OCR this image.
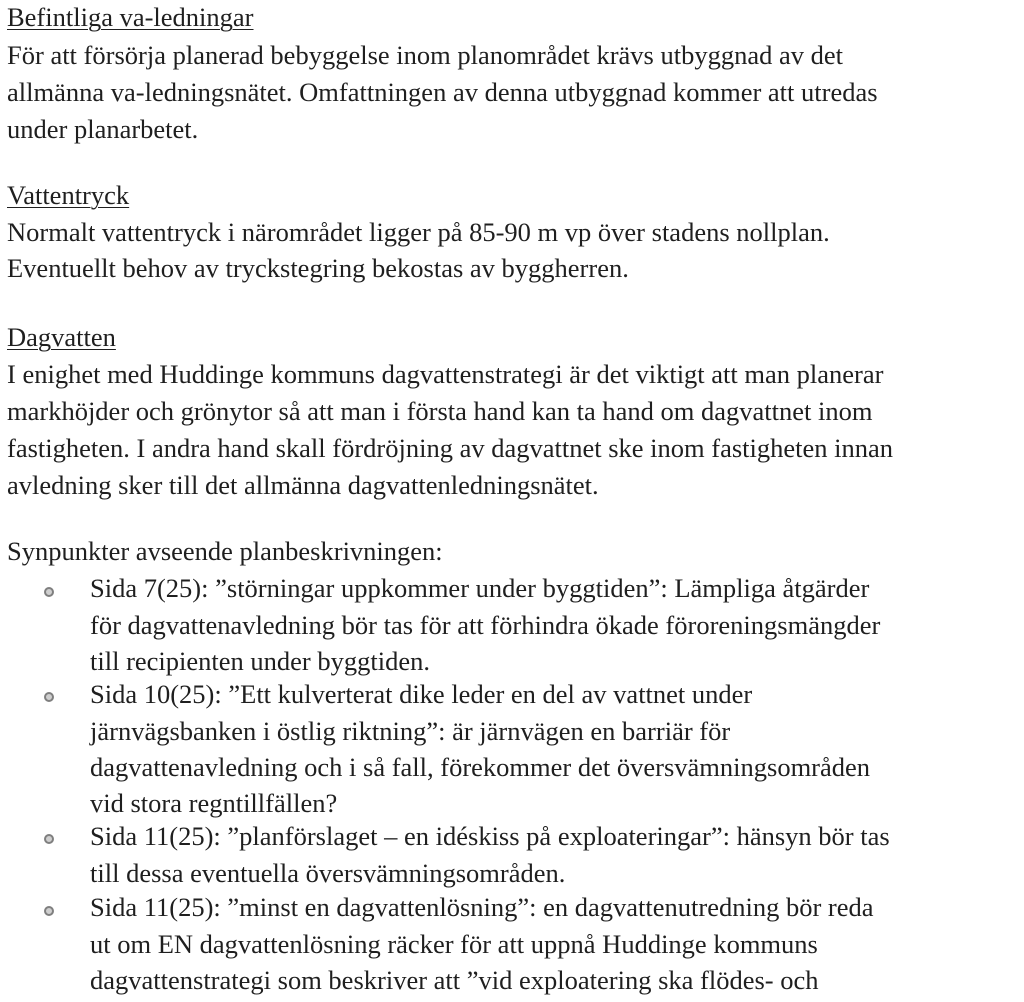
Befintliga va-ledningar
För att försörja planerad bebyggelse inom planområdet krävs utbyggnad av det
allmänna va-ledningsnätet. Omfattningen av denna utbyggnad kommer att utredas
under planarbetet.
Vattentryck
Normalt vattentryck i närområdet ligger på 85-90 m vp över stadens nollplan.
Eventuellt behov av tryckstegring bekostas av byggherren.
Dagvatten
I enighet med Huddinge kommuns dagvattenstrategi är det viktigt att man planerar
markhöjder och grönytor så att man i första hand kan ta hand om dagvattnet inom
fastigheten. I andra hand skall fördröjning av dagvattnet ske inom fastigheten innan
avledning sker till det allmänna dagvattenledningsnätet.
Synpunkter avseende planbeskrivningen:
Sida 7(25): ”störningar uppkommer under byggtiden”: Lämpliga åtgärder
för dagvattenavledning bör tas för att förhindra ökade föroreningsmängder
till recipienten under byggtiden.
Sida 10(25): ”Ett kulverterat dike leder en del av vattnet under
järnvägsbanken i östlig riktning”: är järnvägen en barriär för
dagvattenavledning och i så fall, förekommer det översvämningsområden
vid stora regntillfällen?
Sida 11(25): ”planförslaget – en idéskiss på exploateringar”: hänsyn bör tas
till dessa eventuella översvämningsområden.
Sida 11(25): ”minst en dagvattenlösning”: en dagvattenutredning bör reda
ut om EN dagvattenlösning räcker för att uppnå Huddinge kommuns
dagvattenstrategi som beskriver att ”vid exploatering ska flödes- och
